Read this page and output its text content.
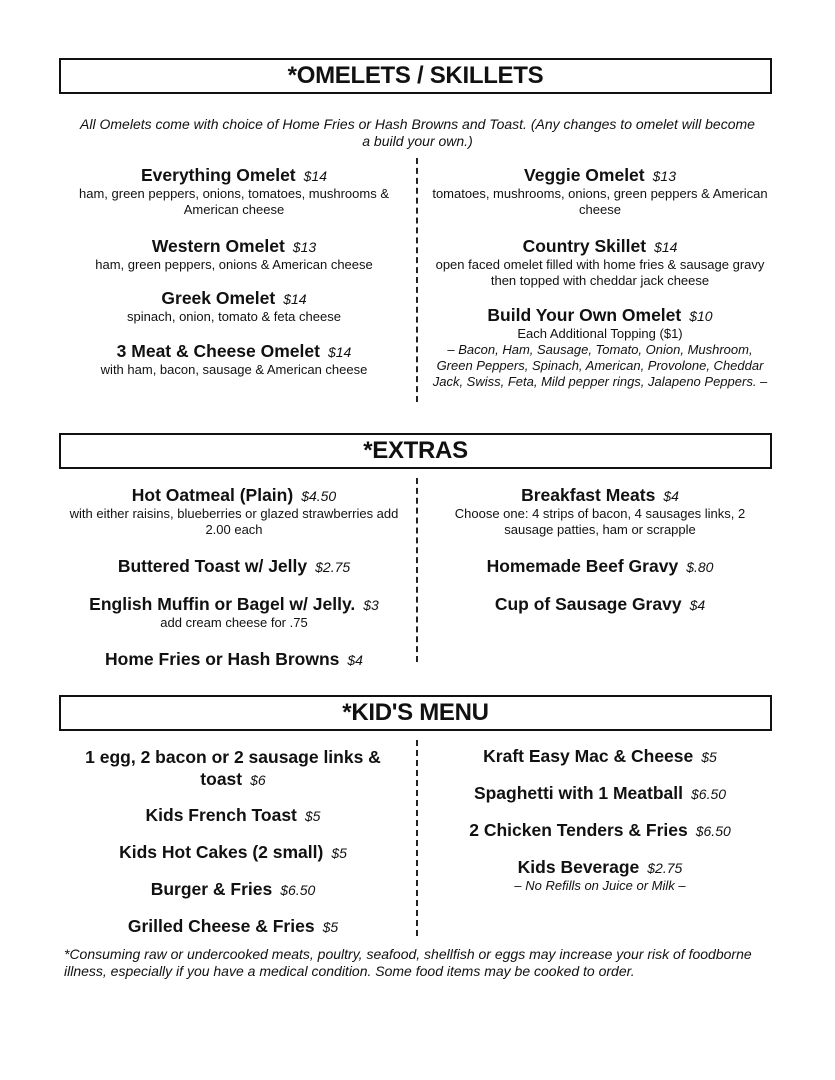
*OMELETS / SKILLETS
All Omelets come with choice of Home Fries or Hash Browns and Toast. (Any changes to omelet will become a build your own.)
Everything Omelet $14
ham, green peppers, onions, tomatoes, mushrooms & American cheese
Western Omelet $13
ham, green peppers, onions & American cheese
Greek Omelet $14
spinach, onion, tomato & feta cheese
3 Meat & Cheese Omelet $14
with ham, bacon, sausage & American cheese
Veggie Omelet $13
tomatoes, mushrooms, onions, green peppers & American cheese
Country Skillet $14
open faced omelet filled with home fries & sausage gravy then topped with cheddar jack cheese
Build Your Own Omelet $10
Each Additional Topping ($1)
– Bacon, Ham, Sausage, Tomato, Onion, Mushroom, Green Peppers, Spinach, American, Provolone, Cheddar Jack, Swiss, Feta, Mild pepper rings, Jalapeno Peppers. –
*EXTRAS
Hot Oatmeal (Plain) $4.50
with either raisins, blueberries or glazed strawberries add 2.00 each
Buttered Toast w/ Jelly $2.75
English Muffin or Bagel w/ Jelly. $3
add cream cheese for .75
Home Fries or Hash Browns $4
Breakfast Meats $4
Choose one: 4 strips of bacon, 4 sausages links, 2 sausage patties, ham or scrapple
Homemade Beef Gravy $.80
Cup of Sausage Gravy $4
*KID'S MENU
1 egg, 2 bacon or 2 sausage links & toast $6
Kids French Toast $5
Kids Hot Cakes (2 small) $5
Burger & Fries $6.50
Grilled Cheese & Fries $5
Kraft Easy Mac & Cheese $5
Spaghetti with 1 Meatball $6.50
2 Chicken Tenders & Fries $6.50
Kids Beverage $2.75
– No Refills on Juice or Milk –
*Consuming raw or undercooked meats, poultry, seafood, shellfish or eggs may increase your risk of foodborne illness, especially if you have a medical condition. Some food items may be cooked to order.
